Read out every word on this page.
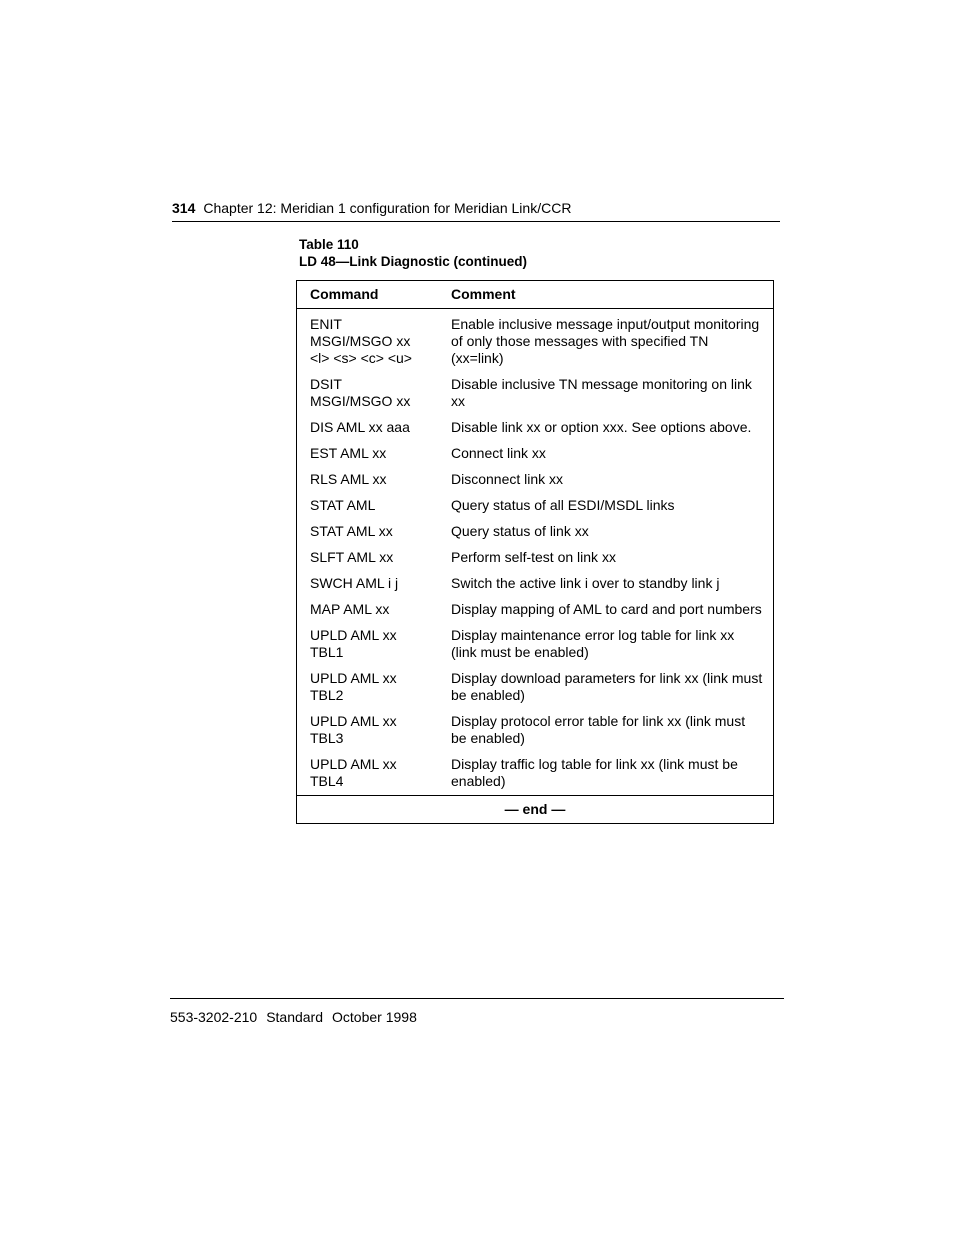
314 Chapter 12: Meridian 1 configuration for Meridian Link/CCR
Table 110
LD 48—Link Diagnostic (continued)
Command	Comment

ENIT
MSGI/MSGO xx
<l> <s> <c> <u>	Enable inclusive message input/output monitoring
of only those messages with specified TN
(xx=link)

DSIT
MSGI/MSGO xx	Disable inclusive TN message monitoring on link
xx

DIS AML xx aaa	Disable link xx or option xxx. See options above.

EST AML xx	Connect link xx

RLS AML xx	Disconnect link xx

STAT AML	Query status of all ESDI/MSDL links

STAT AML xx	Query status of link xx

SLFT AML xx	Perform self-test on link xx

SWCH AML i j	Switch the active link i over to standby link j

MAP AML xx	Display mapping of AML to card and port numbers

UPLD AML xx
TBL1	Display maintenance error log table for link xx
(link must be enabled)

UPLD AML xx
TBL2	Display download parameters for link xx (link must
be enabled)

UPLD AML xx
TBL3	Display protocol error table for link xx (link must
be enabled)

UPLD AML xx
TBL4	Display traffic log table for link xx (link must be
enabled)

— end —	
553-3202-210 Standard October 1998
